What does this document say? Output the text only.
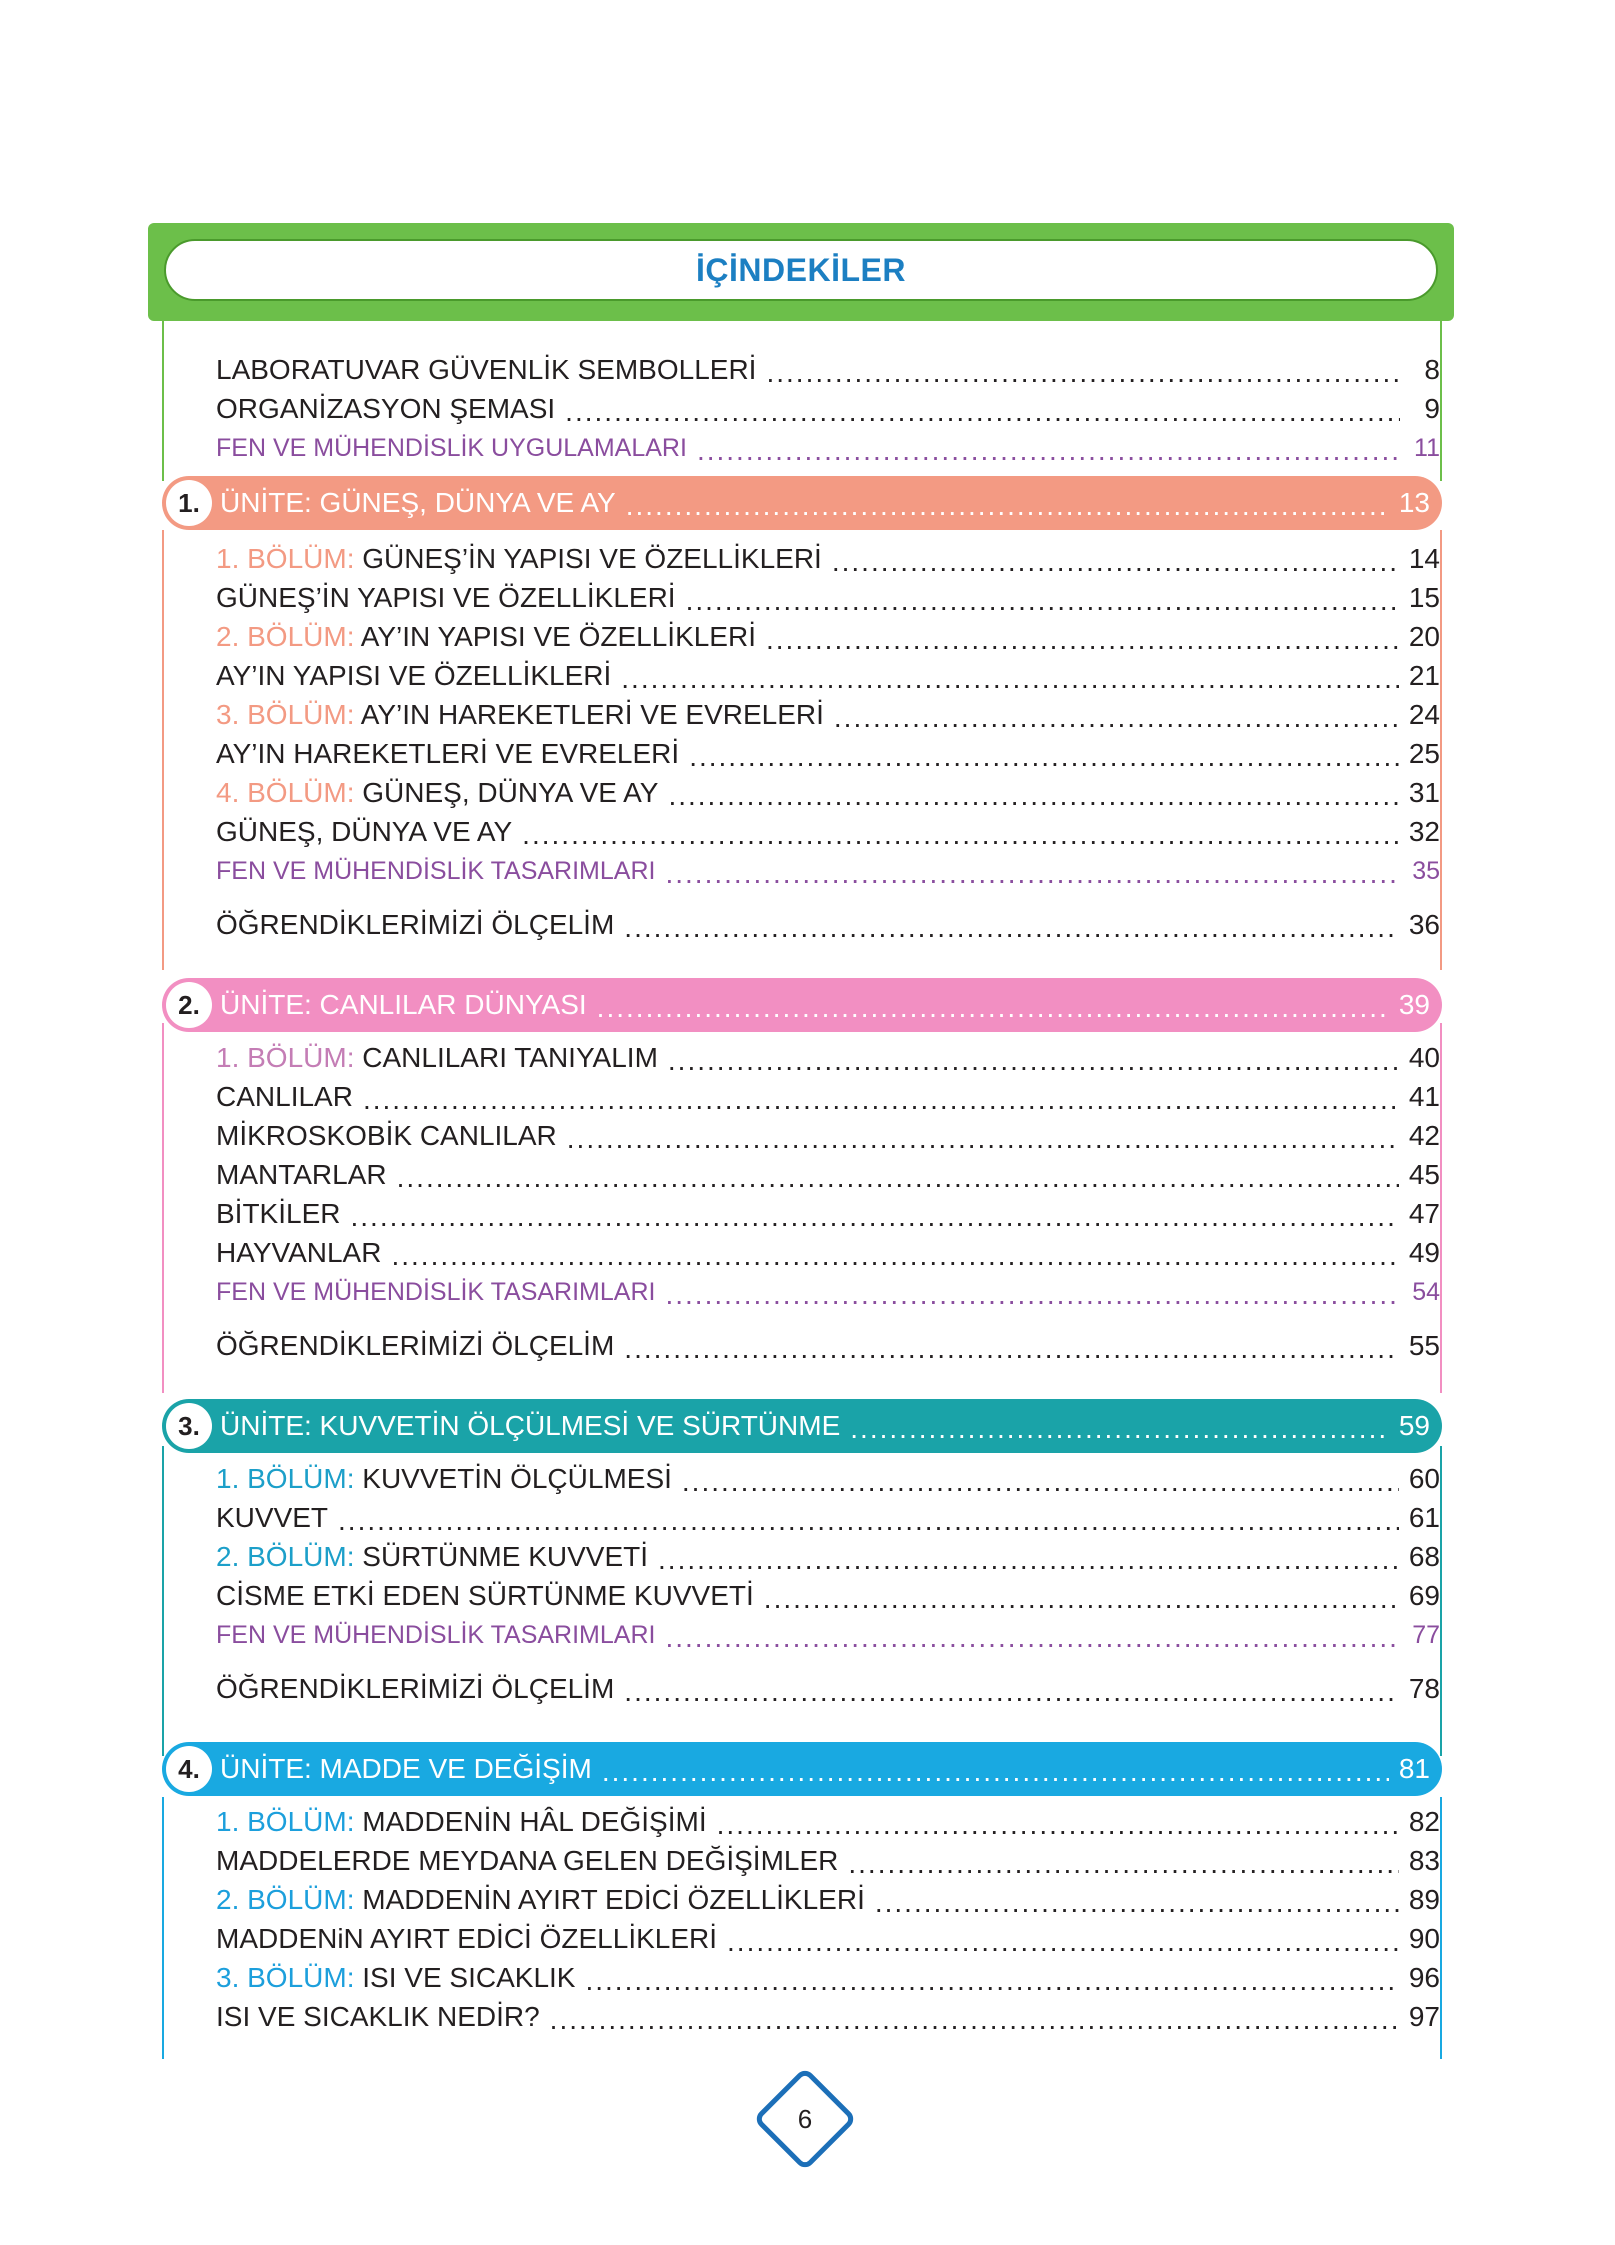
İÇİNDEKİLER
LABORATUVAR GÜVENLİK SEMBOLLERİ .....	8
ORGANİZASYON ŞEMASI .....	9
FEN VE MÜHENDİSLİK UYGULAMALARI .....	11
1. ÜNİTE: GÜNEŞ, DÜNYA VE AY .....	13
1. BÖLÜM: GÜNEŞ’İN YAPISI VE ÖZELLİKLERİ .....	14
GÜNEŞ’İN YAPISI VE ÖZELLİKLERİ .....	15
2. BÖLÜM: AY’IN YAPISI VE ÖZELLİKLERİ .....	20
AY’IN YAPISI VE ÖZELLİKLERİ .....	21
3. BÖLÜM: AY’IN HAREKETLERİ VE EVRELERİ .....	24
AY’IN HAREKETLERİ VE EVRELERİ .....	25
4. BÖLÜM: GÜNEŞ, DÜNYA VE AY .....	31
GÜNEŞ, DÜNYA VE AY .....	32
FEN VE MÜHENDİSLİK TASARIMLARI .....	35
ÖĞRENDİKLERİMİZİ ÖLÇELİM .....	36
2. ÜNİTE: CANLILAR DÜNYASI .....	39
1. BÖLÜM: CANLILARI TANIYALIM .....	40
CANLILAR .....	41
MİKROSKOBİK CANLILAR .....	42
MANTARLAR .....	45
BİTKİLER .....	47
HAYVANLAR .....	49
FEN VE MÜHENDİSLİK TASARIMLARI .....	54
ÖĞRENDİKLERİMİZİ ÖLÇELİM .....	55
3. ÜNİTE: KUVVETİN ÖLÇÜLMESİ VE SÜRTÜNME .....	59
1. BÖLÜM: KUVVETİN ÖLÇÜLMESİ .....	60
KUVVET .....	61
2. BÖLÜM: SÜRTÜNME KUVVETİ .....	68
CİSME ETKİ EDEN SÜRTÜNME KUVVETİ .....	69
FEN VE MÜHENDİSLİK TASARIMLARI .....	77
ÖĞRENDİKLERİMİZİ ÖLÇELİM .....	78
4. ÜNİTE: MADDE VE DEĞİŞİM .....	81
1. BÖLÜM: MADDENİN HÂL DEĞİŞİMİ .....	82
MADDELERDE MEYDANA GELEN DEĞİŞİMLER .....	83
2. BÖLÜM: MADDENİN AYIRT EDİCİ ÖZELLİKLERİ .....	89
MADDENiN AYIRT EDİCİ ÖZELLİKLERİ .....	90
3. BÖLÜM: ISI VE SICAKLIK .....	96
ISI VE SICAKLIK NEDİR? .....	97
6
